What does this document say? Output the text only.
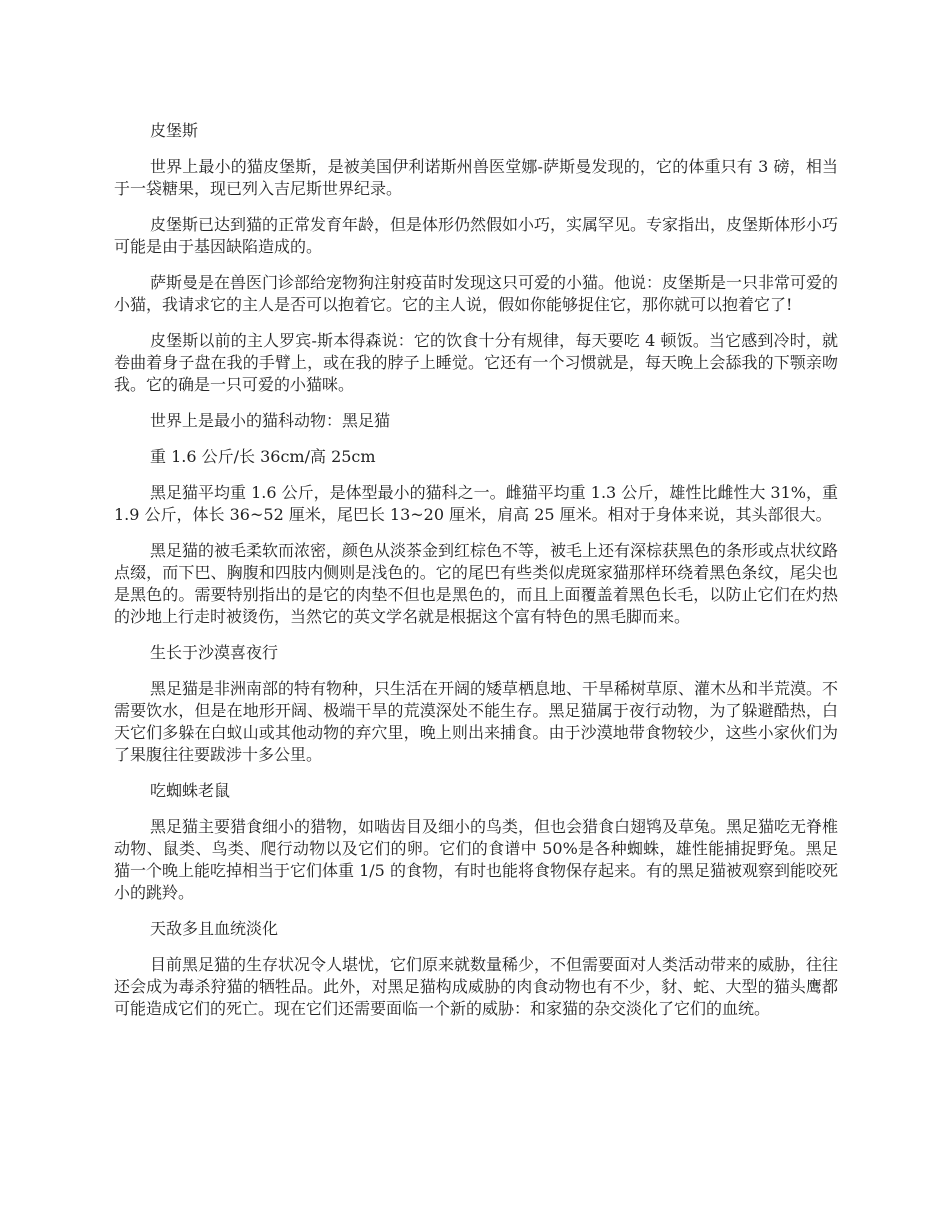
皮堡斯

世界上最小的猫皮堡斯，是被美国伊利诺斯州兽医堂娜-萨斯曼发现的，它的体重只有 3 磅，相当于一袋糖果，现已列入吉尼斯世界纪录。

皮堡斯已达到猫的正常发育年龄，但是体形仍然假如小巧，实属罕见。专家指出，皮堡斯体形小巧可能是由于基因缺陷造成的。

萨斯曼是在兽医门诊部给宠物狗注射疫苗时发现这只可爱的小猫。他说：皮堡斯是一只非常可爱的小猫，我请求它的主人是否可以抱着它。它的主人说，假如你能够捉住它，那你就可以抱着它了!

皮堡斯以前的主人罗宾-斯本得森说：它的饮食十分有规律，每天要吃 4 顿饭。当它感到冷时，就卷曲着身子盘在我的手臂上，或在我的脖子上睡觉。它还有一个习惯就是，每天晚上会舔我的下颚亲吻我。它的确是一只可爱的小猫咪。

世界上是最小的猫科动物：黑足猫

重 1.6 公斤/长 36cm/高 25cm

黑足猫平均重 1.6 公斤，是体型最小的猫科之一。雌猫平均重 1.3 公斤，雄性比雌性大 31%，重 1.9 公斤，体长 36~52 厘米，尾巴长 13~20 厘米，肩高 25 厘米。相对于身体来说，其头部很大。

黑足猫的被毛柔软而浓密，颜色从淡茶金到红棕色不等，被毛上还有深棕获黑色的条形或点状纹路点缀，而下巴、胸腹和四肢内侧则是浅色的。它的尾巴有些类似虎斑家猫那样环绕着黑色条纹，尾尖也是黑色的。需要特别指出的是它的肉垫不但也是黑色的，而且上面覆盖着黑色长毛，以防止它们在灼热的沙地上行走时被烫伤，当然它的英文学名就是根据这个富有特色的黑毛脚而来。

生长于沙漠喜夜行

黑足猫是非洲南部的特有物种，只生活在开阔的矮草栖息地、干旱稀树草原、灌木丛和半荒漠。不需要饮水，但是在地形开阔、极端干旱的荒漠深处不能生存。黑足猫属于夜行动物，为了躲避酷热，白天它们多躲在白蚁山或其他动物的弃穴里，晚上则出来捕食。由于沙漠地带食物较少，这些小家伙们为了果腹往往要跋涉十多公里。

吃蜘蛛老鼠

黑足猫主要猎食细小的猎物，如啮齿目及细小的鸟类，但也会猎食白翅鸨及草兔。黑足猫吃无脊椎动物、鼠类、鸟类、爬行动物以及它们的卵。它们的食谱中 50%是各种蜘蛛，雄性能捕捉野兔。黑足猫一个晚上能吃掉相当于它们体重 1/5 的食物，有时也能将食物保存起来。有的黑足猫被观察到能咬死小的跳羚。

天敌多且血统淡化

目前黑足猫的生存状况令人堪忧，它们原来就数量稀少，不但需要面对人类活动带来的威胁，往往还会成为毒杀狩猫的牺牲品。此外，对黑足猫构成威胁的肉食动物也有不少，豺、蛇、大型的猫头鹰都可能造成它们的死亡。现在它们还需要面临一个新的威胁：和家猫的杂交淡化了它们的血统。
